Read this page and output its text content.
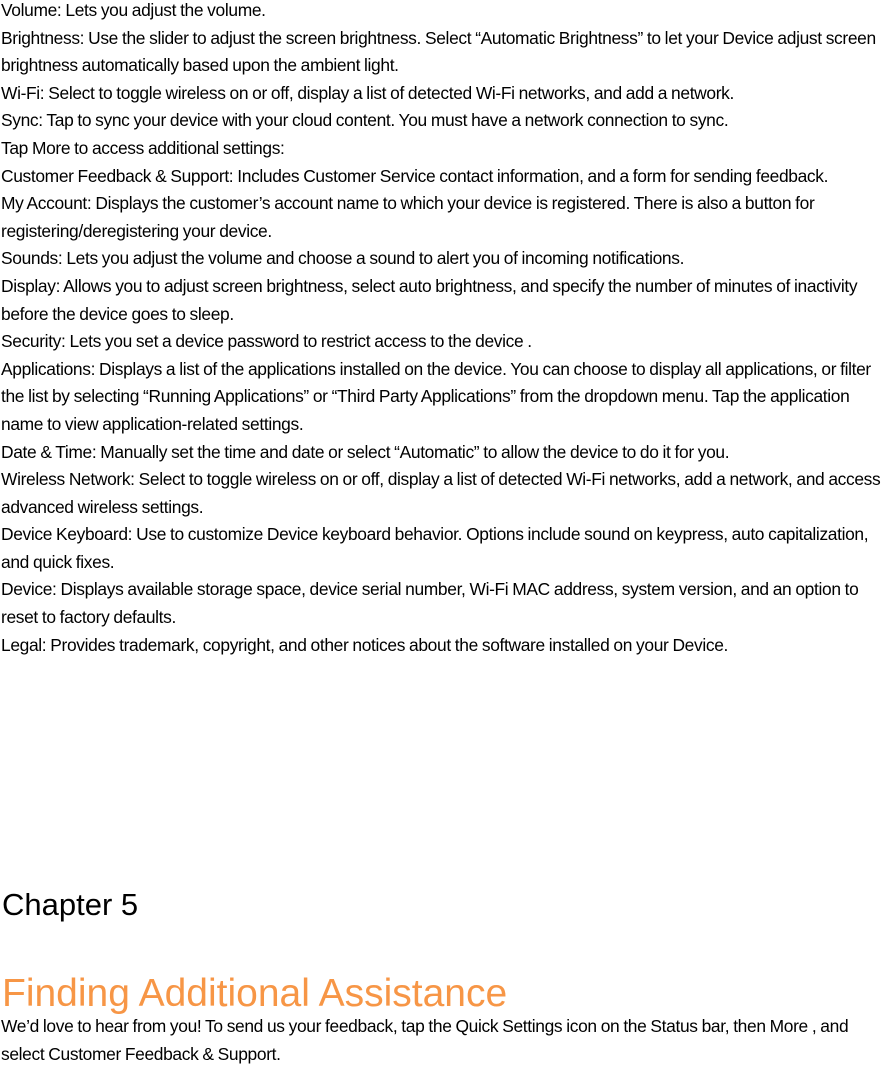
Volume: Lets you adjust the volume.

Brightness: Use the slider to adjust the screen brightness. Select “Automatic Brightness” to let your Device adjust screen brightness automatically based upon the ambient light.

Wi-Fi: Select to toggle wireless on or off, display a list of detected Wi-Fi networks, and add a network.

Sync: Tap to sync your device with your cloud content. You must have a network connection to sync.

Tap More to access additional settings:

Customer Feedback & Support: Includes Customer Service contact information, and a form for sending feedback.

My Account: Displays the customer’s account name to which your device is registered. There is also a button for registering/deregistering your device.

Sounds: Lets you adjust the volume and choose a sound to alert you of incoming notifications.

Display: Allows you to adjust screen brightness, select auto brightness, and specify the number of minutes of inactivity before the device goes to sleep.

Security: Lets you set a device password to restrict access to the device .

Applications: Displays a list of the applications installed on the device. You can choose to display all applications, or filter the list by selecting “Running Applications” or “Third Party Applications” from the dropdown menu. Tap the application name to view application-related settings.

Date & Time: Manually set the time and date or select “Automatic” to allow the device to do it for you.

Wireless Network: Select to toggle wireless on or off, display a list of detected Wi-Fi networks, add a network, and access advanced wireless settings.

Device Keyboard: Use to customize Device keyboard behavior. Options include sound on keypress, auto capitalization, and quick fixes.

Device: Displays available storage space, device serial number, Wi-Fi MAC address, system version, and an option to reset to factory defaults.

Legal: Provides trademark, copyright, and other notices about the software installed on your Device.

Chapter 5
Finding Additional Assistance

We’d love to hear from you! To send us your feedback, tap the Quick Settings icon on the Status bar, then More , and select Customer Feedback & Support.
